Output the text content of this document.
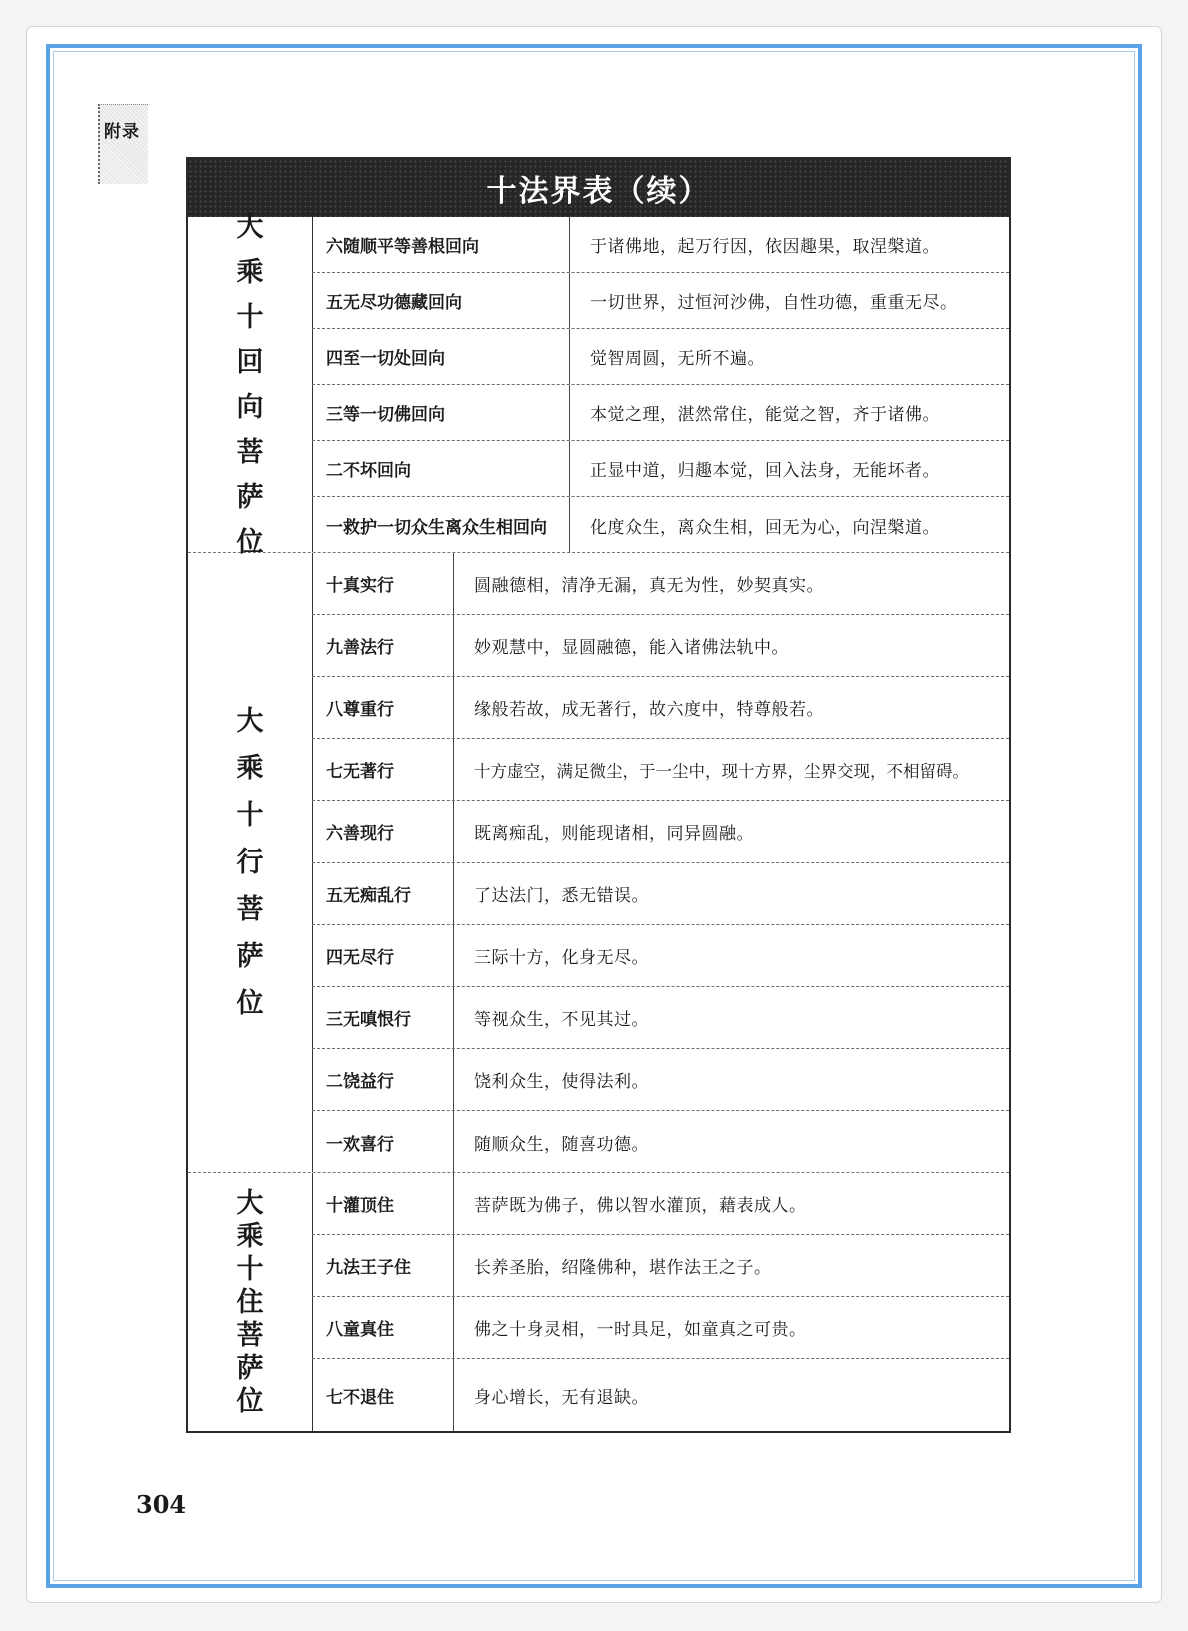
附录
十法界表（续）
大
乘
十
回
向
菩
萨
位
六随顺平等善根回向	于诸佛地，起万行因，依因趣果，取涅槃道。
五无尽功德藏回向	一切世界，过恒河沙佛，自性功德，重重无尽。
四至一切处回向	觉智周圆，无所不遍。
三等一切佛回向	本觉之理，湛然常住，能觉之智，齐于诸佛。
二不坏回向	正显中道，归趣本觉，回入法身，无能坏者。
一救护一切众生离众生相回向	化度众生，离众生相，回无为心，向涅槃道。
大
乘
十
行
菩
萨
位
十真实行	圆融德相，清净无漏，真无为性，妙契真实。
九善法行	妙观慧中，显圆融德，能入诸佛法轨中。
八尊重行	缘般若故，成无著行，故六度中，特尊般若。
七无著行	十方虚空，满足微尘，于一尘中，现十方界，尘界交现，不相留碍。
六善现行	既离痴乱，则能现诸相，同异圆融。
五无痴乱行	了达法门，悉无错误。
四无尽行	三际十方，化身无尽。
三无嗔恨行	等视众生，不见其过。
二饶益行	饶利众生，使得法利。
一欢喜行	随顺众生，随喜功德。
大
乘
十
住
菩
萨
位
十灌顶住	菩萨既为佛子，佛以智水灌顶，藉表成人。
九法王子住	长养圣胎，绍隆佛种，堪作法王之子。
八童真住	佛之十身灵相，一时具足，如童真之可贵。
七不退住	身心增长，无有退缺。
304
